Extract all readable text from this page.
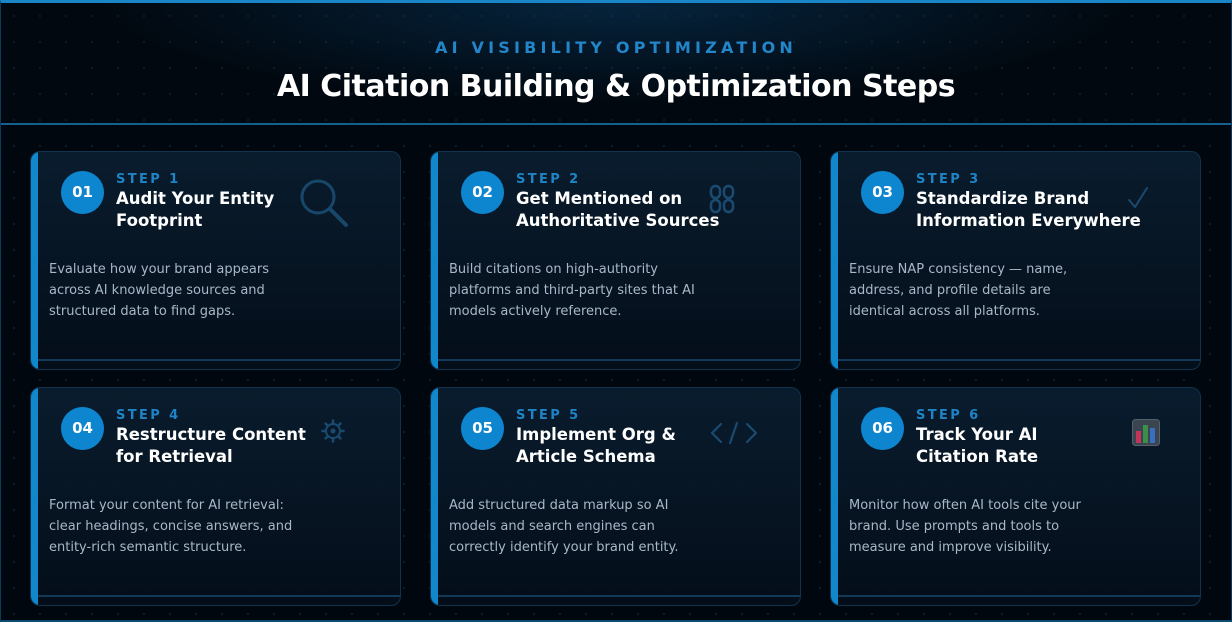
AI VISIBILITY OPTIMIZATION
AI Citation Building & Optimization Steps
01
STEP 1
Audit Your Entity Footprint
Evaluate how your brand appears across AI knowledge sources and structured data to find gaps.
02
STEP 2
Get Mentioned on Authoritative Sources
Build citations on high-authority platforms and third-party sites that AI models actively reference.
03
STEP 3
Standardize Brand Information Everywhere
Ensure NAP consistency — name, address, and profile details are identical across all platforms.
04
STEP 4
Restructure Content for Retrieval
Format your content for AI retrieval: clear headings, concise answers, and entity-rich semantic structure.
05
STEP 5
Implement Org & Article Schema
Add structured data markup so AI models and search engines can correctly identify your brand entity.
06
STEP 6
Track Your AI Citation Rate
Monitor how often AI tools cite your brand. Use prompts and tools to measure and improve visibility.
